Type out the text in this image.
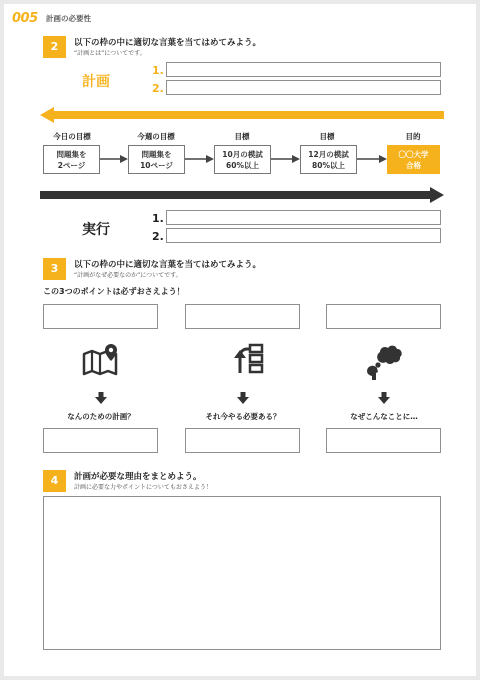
005 計画の必要性
2	以下の枠の中に適切な言葉を当てはめてみよう。
“計画とは”についてです。
計画
1.
2.
今日の目標	今週の目標	目標	目標	目的
問題集を
2ページ
問題集を
10ページ
10月の模試
60%以上
12月の模試
80%以上
〇〇大学
合格
実行
1.
2.
3	以下の枠の中に適切な言葉を当てはめてみよう。
“計画がなぜ必要なのか”についてです。
この3つのポイントは必ずおさえよう！
なんのための計画？	それ今やる必要ある？	なぜこんなことに…
4	計画が必要な理由をまとめよう。
計画に必要な力やポイントについてもおさえよう！
